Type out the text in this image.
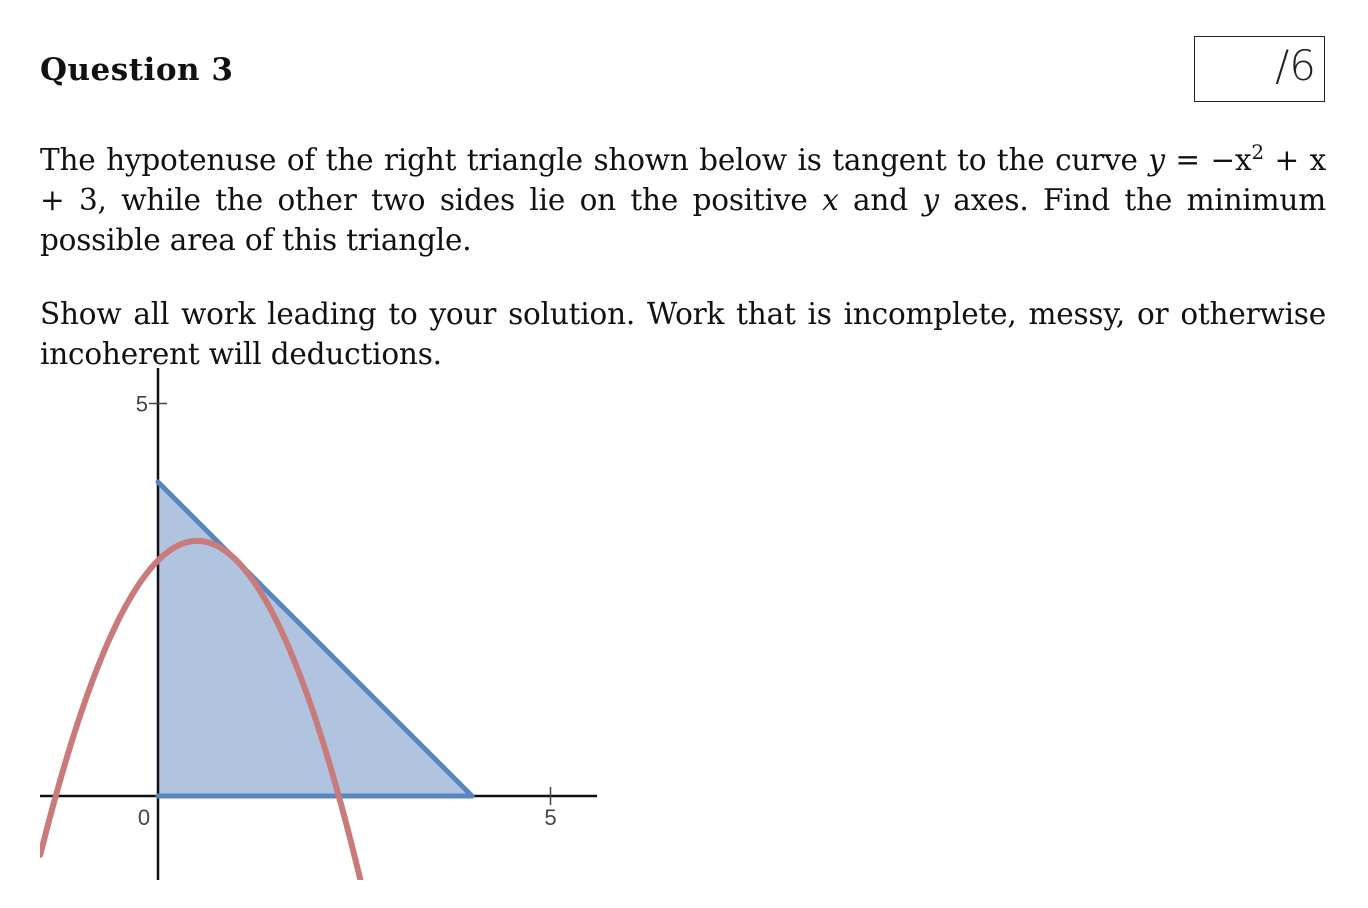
Question 3	/6
The hypotenuse of the right triangle shown below is tangent to the curve $y = -x^2 + x + 3$, while the other two sides lie on the positive x and y axes. Find the minimum possible area of this triangle.
Show all work leading to your solution. Work that is incomplete, messy, or otherwise incoherent will deductions.
0	5
5
